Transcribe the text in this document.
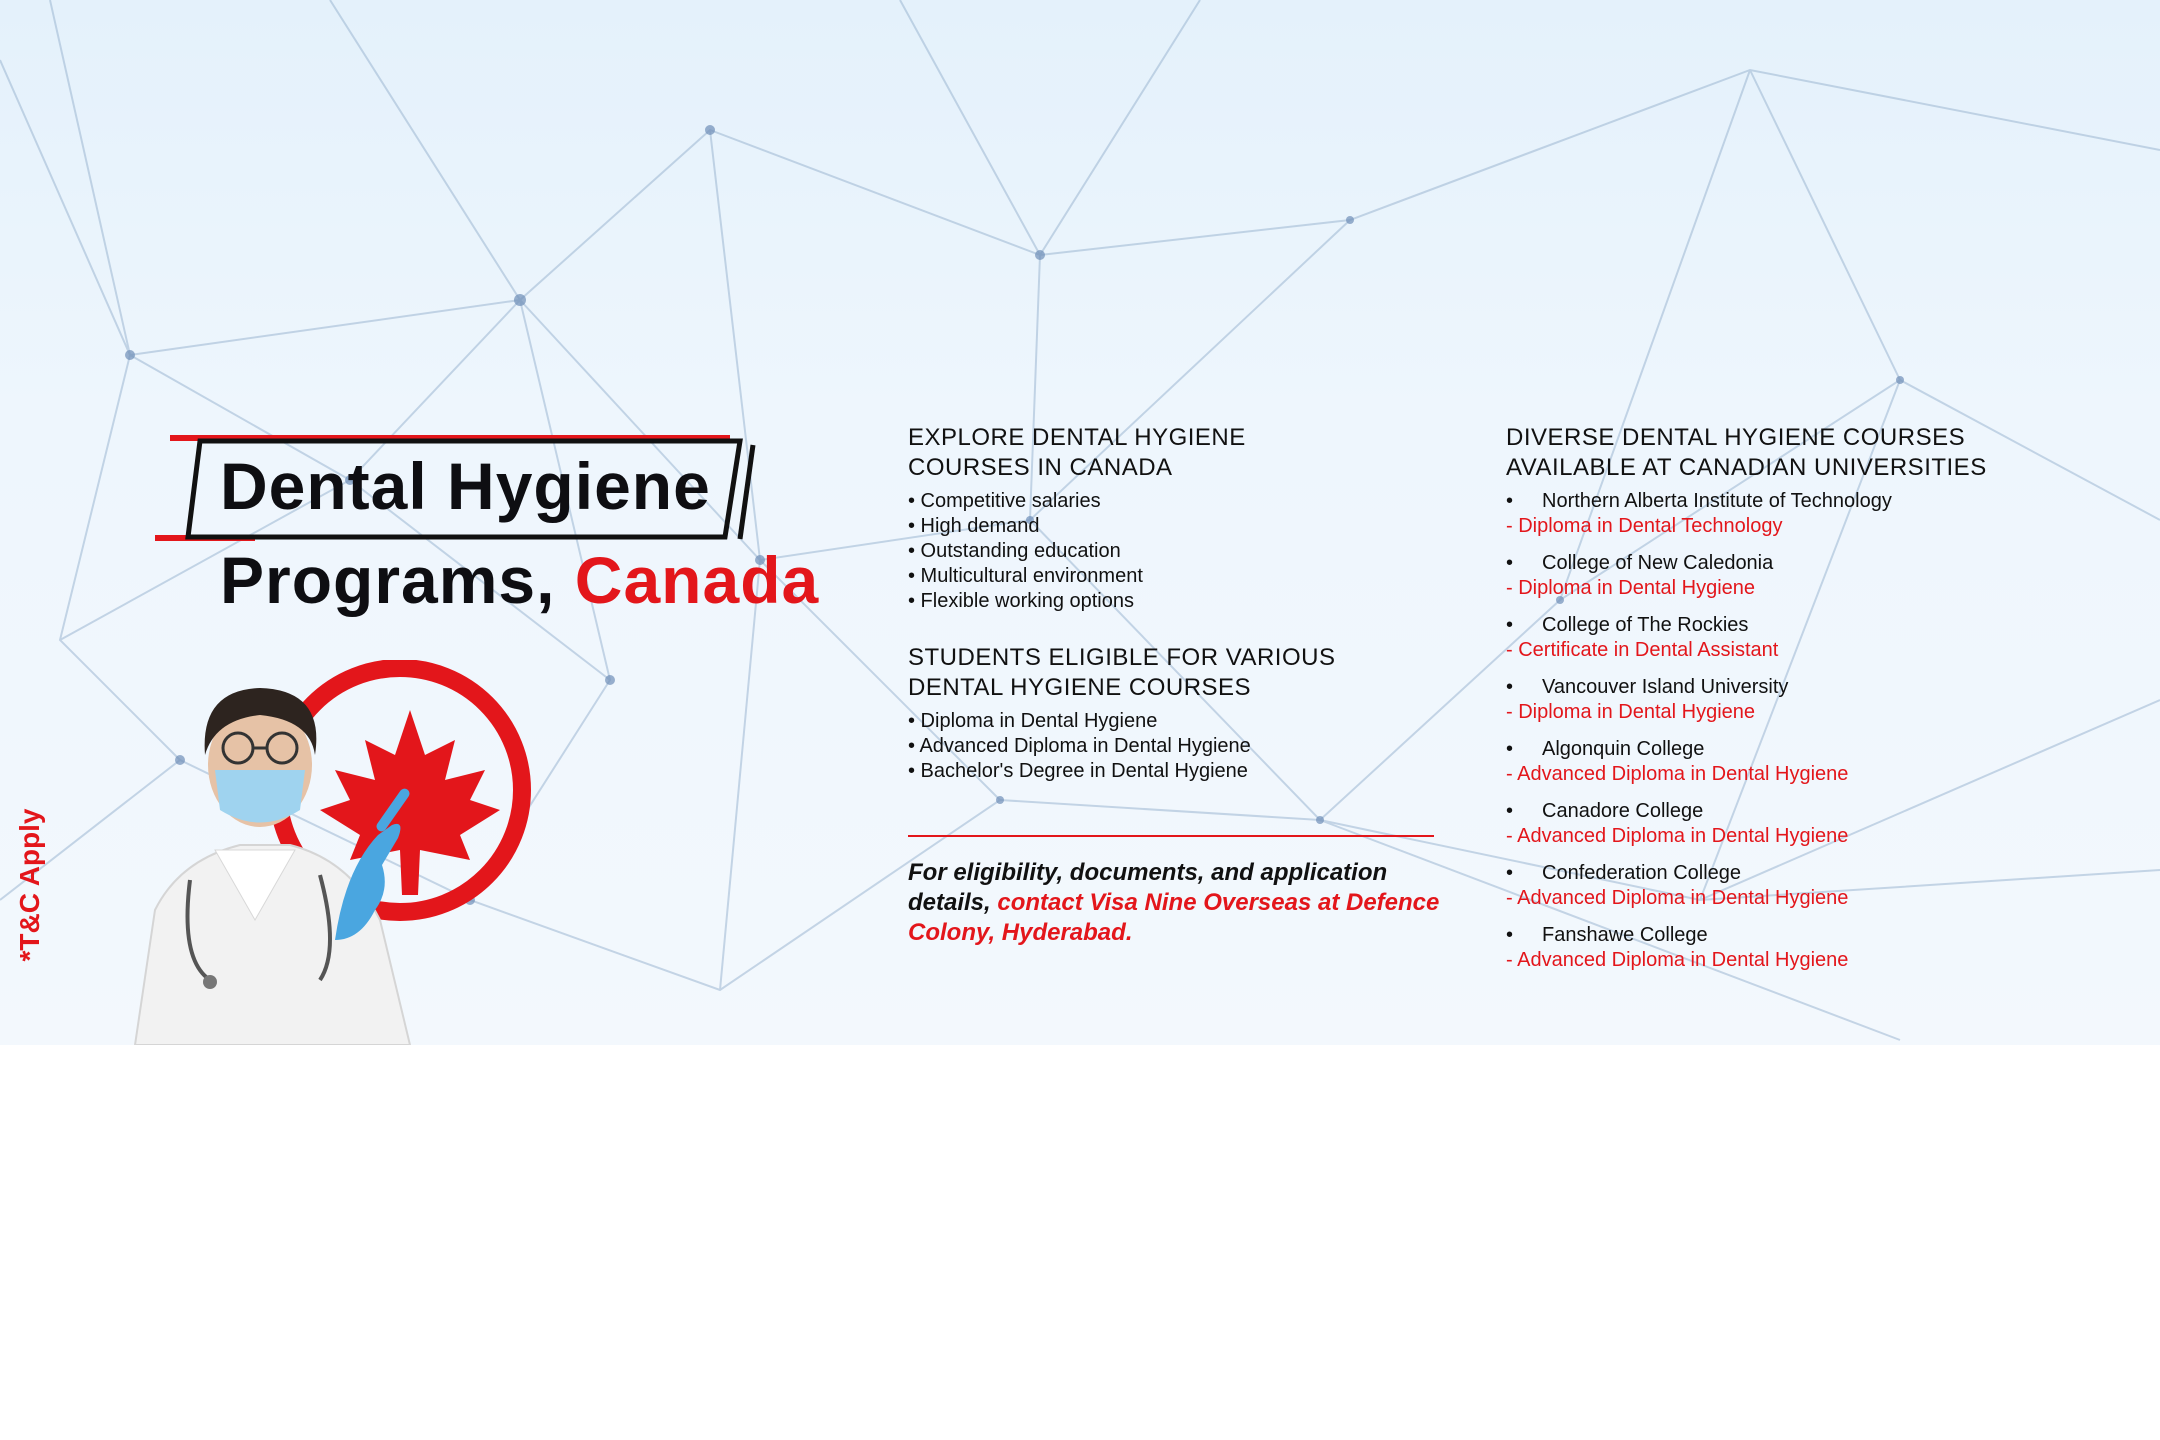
*T&C Apply
Dental Hygiene
Programs, Canada
EXPLORE DENTAL HYGIENE
COURSES IN CANADA
• Competitive salaries
• High demand
• Outstanding education
• Multicultural environment
• Flexible working options
STUDENTS ELIGIBLE FOR VARIOUS
DENTAL HYGIENE COURSES
• Diploma in Dental Hygiene
• Advanced Diploma in Dental Hygiene
• Bachelor's Degree in Dental Hygiene
For eligibility, documents, and application details, contact Visa Nine Overseas at Defence Colony, Hyderabad.
DIVERSE DENTAL HYGIENE COURSES
AVAILABLE AT CANADIAN UNIVERSITIES
• Northern Alberta Institute of Technology
- Diploma in Dental Technology
• College of New Caledonia
- Diploma in Dental Hygiene
• College of The Rockies
- Certificate in Dental Assistant
• Vancouver Island University
- Diploma in Dental Hygiene
• Algonquin College
- Advanced Diploma in Dental Hygiene
• Canadore College
- Advanced Diploma in Dental Hygiene
• Confederation College
- Advanced Diploma in Dental Hygiene
• Fanshawe College
- Advanced Diploma in Dental Hygiene
